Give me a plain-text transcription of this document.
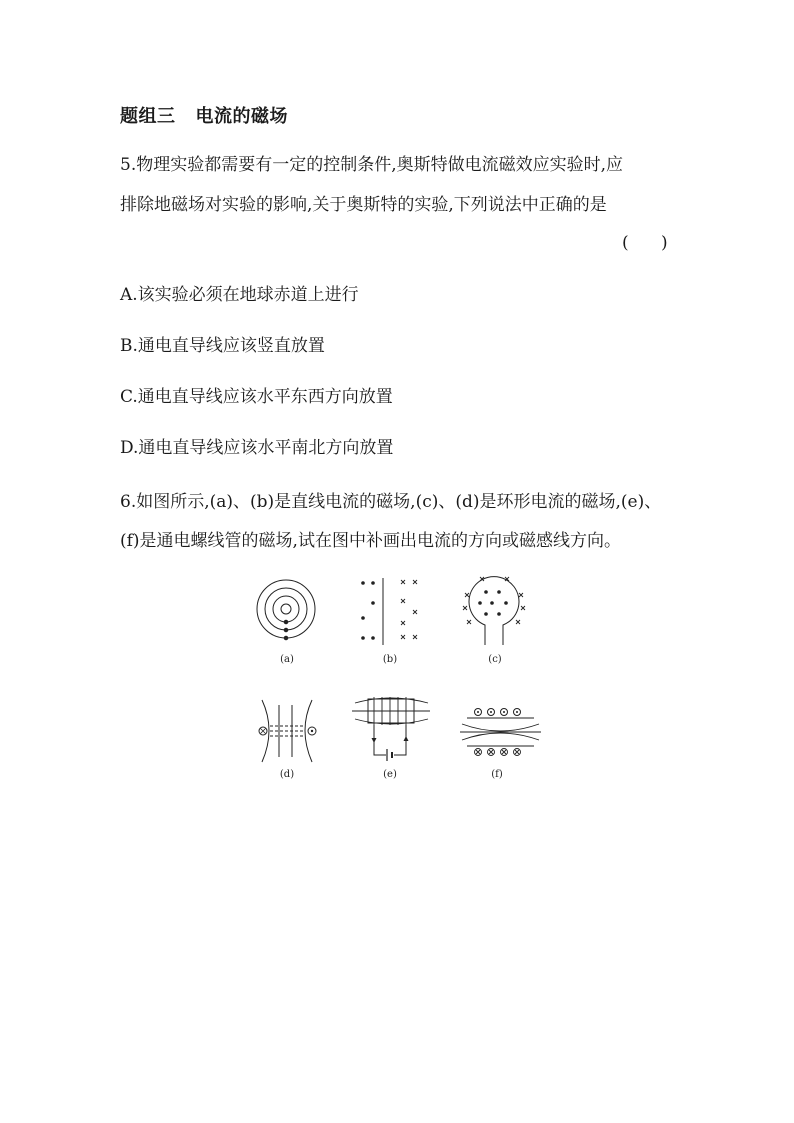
题组三 电流的磁场
5.物理实验都需要有一定的控制条件,奥斯特做电流磁效应实验时,应
排除地磁场对实验的影响,关于奥斯特的实验,下列说法中正确的是
(      )
A.该实验必须在地球赤道上进行
B.通电直导线应该竖直放置
C.通电直导线应该水平东西方向放置
D.通电直导线应该水平南北方向放置
6.如图所示,(a)、(b)是直线电流的磁场,(c)、(d)是环形电流的磁场,(e)、
(f)是通电螺线管的磁场,试在图中补画出电流的方向或磁感线方向。
(a)	(b)	(c)
(d)	(e)	(f)
